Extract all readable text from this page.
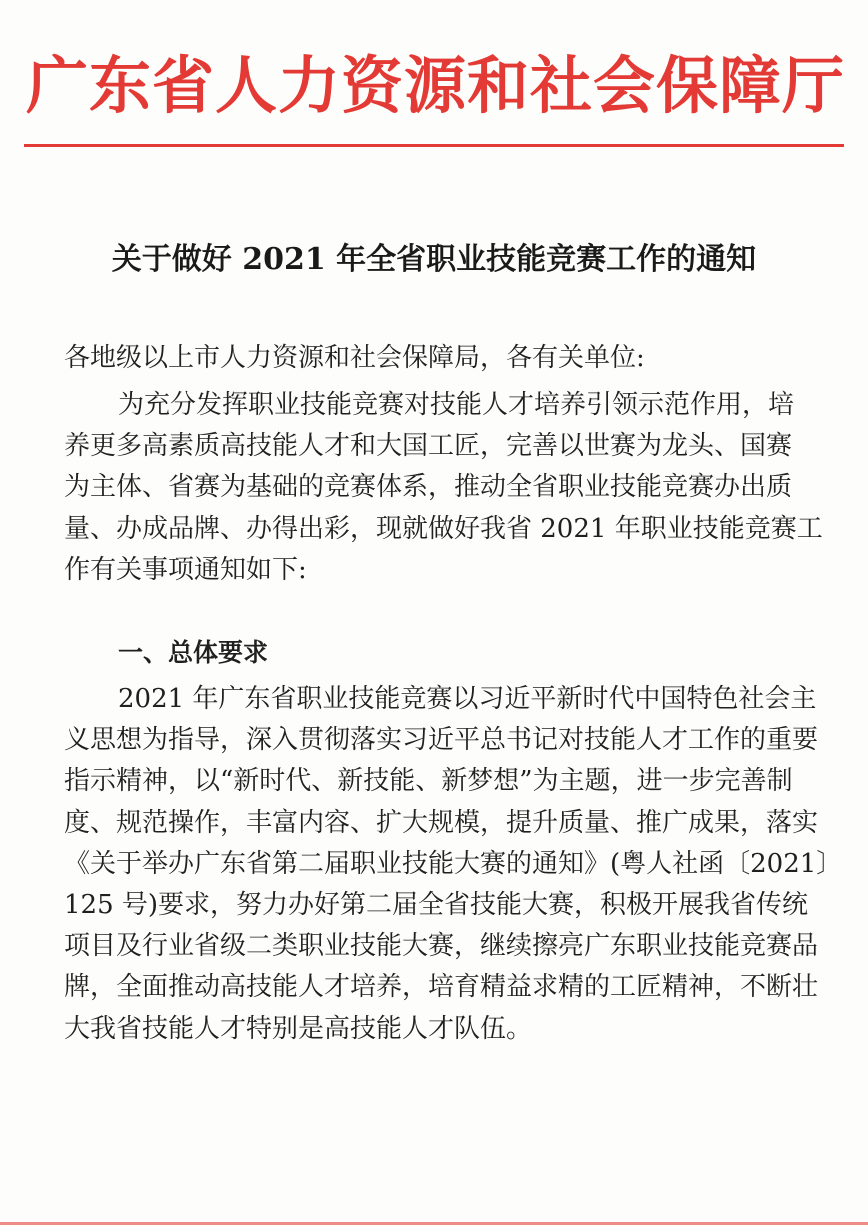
广东省人力资源和社会保障厅
关于做好 2021 年全省职业技能竞赛工作的通知

各地级以上市人力资源和社会保障局，各有关单位:

为充分发挥职业技能竞赛对技能人才培养引领示范作用，培
养更多高素质高技能人才和大国工匠，完善以世赛为龙头、国赛
为主体、省赛为基础的竞赛体系，推动全省职业技能竞赛办出质
量、办成品牌、办得出彩，现就做好我省 2021 年职业技能竞赛工
作有关事项通知如下:
一、总体要求
2021 年广东省职业技能竞赛以习近平新时代中国特色社会主
义思想为指导，深入贯彻落实习近平总书记对技能人才工作的重要
指示精神，以“新时代、新技能、新梦想”为主题，进一步完善制
度、规范操作，丰富内容、扩大规模，提升质量、推广成果，落实
《关于举办广东省第二届职业技能大赛的通知》(粤人社函〔2021〕
125 号)要求，努力办好第二届全省技能大赛，积极开展我省传统
项目及行业省级二类职业技能大赛，继续擦亮广东职业技能竞赛品
牌，全面推动高技能人才培养，培育精益求精的工匠精神，不断壮
大我省技能人才特别是高技能人才队伍。
